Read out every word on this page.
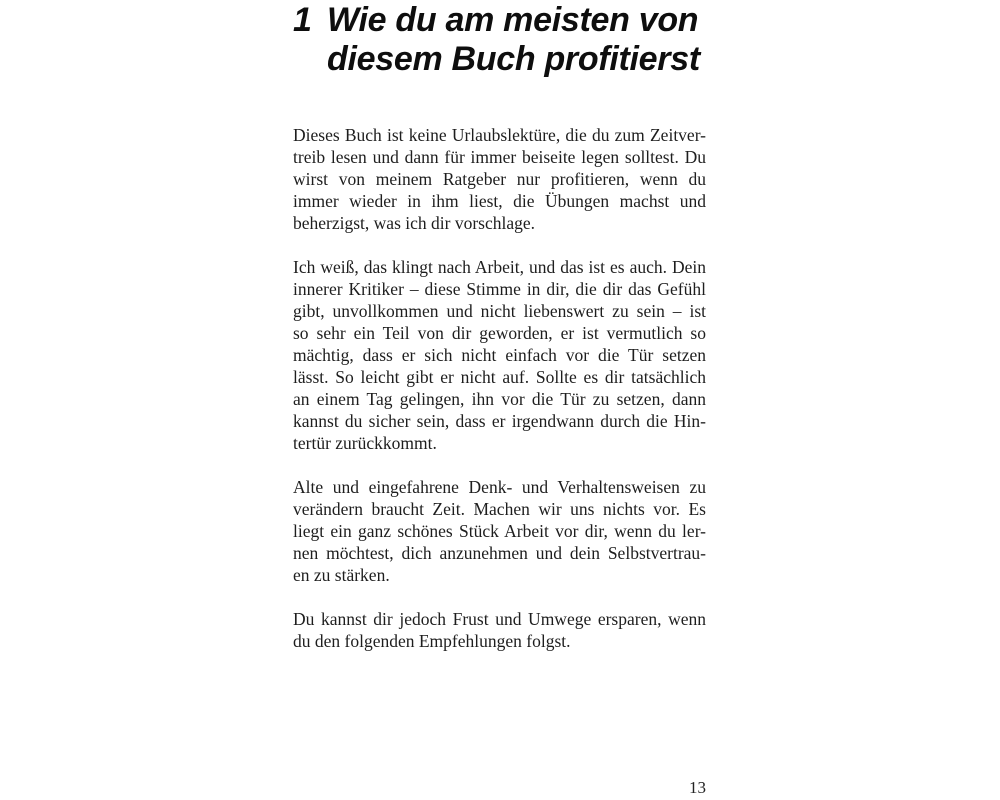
1 Wie du am meisten von
diesem Buch profitierst
Dieses Buch ist keine Urlaubslektüre, die du zum Zeitver-
treib lesen und dann für immer beiseite legen solltest. Du
wirst von meinem Ratgeber nur profitieren, wenn du
immer wieder in ihm liest, die Übungen machst und
beherzigst, was ich dir vorschlage.
Ich weiß, das klingt nach Arbeit, und das ist es auch. Dein
innerer Kritiker – diese Stimme in dir, die dir das Gefühl
gibt, unvollkommen und nicht liebenswert zu sein – ist
so sehr ein Teil von dir geworden, er ist vermutlich so
mächtig, dass er sich nicht einfach vor die Tür setzen
lässt. So leicht gibt er nicht auf. Sollte es dir tatsächlich
an einem Tag gelingen, ihn vor die Tür zu setzen, dann
kannst du sicher sein, dass er irgendwann durch die Hin-
tertür zurückkommt.
Alte und eingefahrene Denk- und Verhaltensweisen zu
verändern braucht Zeit. Machen wir uns nichts vor. Es
liegt ein ganz schönes Stück Arbeit vor dir, wenn du ler-
nen möchtest, dich anzunehmen und dein Selbstvertrau-
en zu stärken.
Du kannst dir jedoch Frust und Umwege ersparen, wenn
du den folgenden Empfehlungen folgst.
13
